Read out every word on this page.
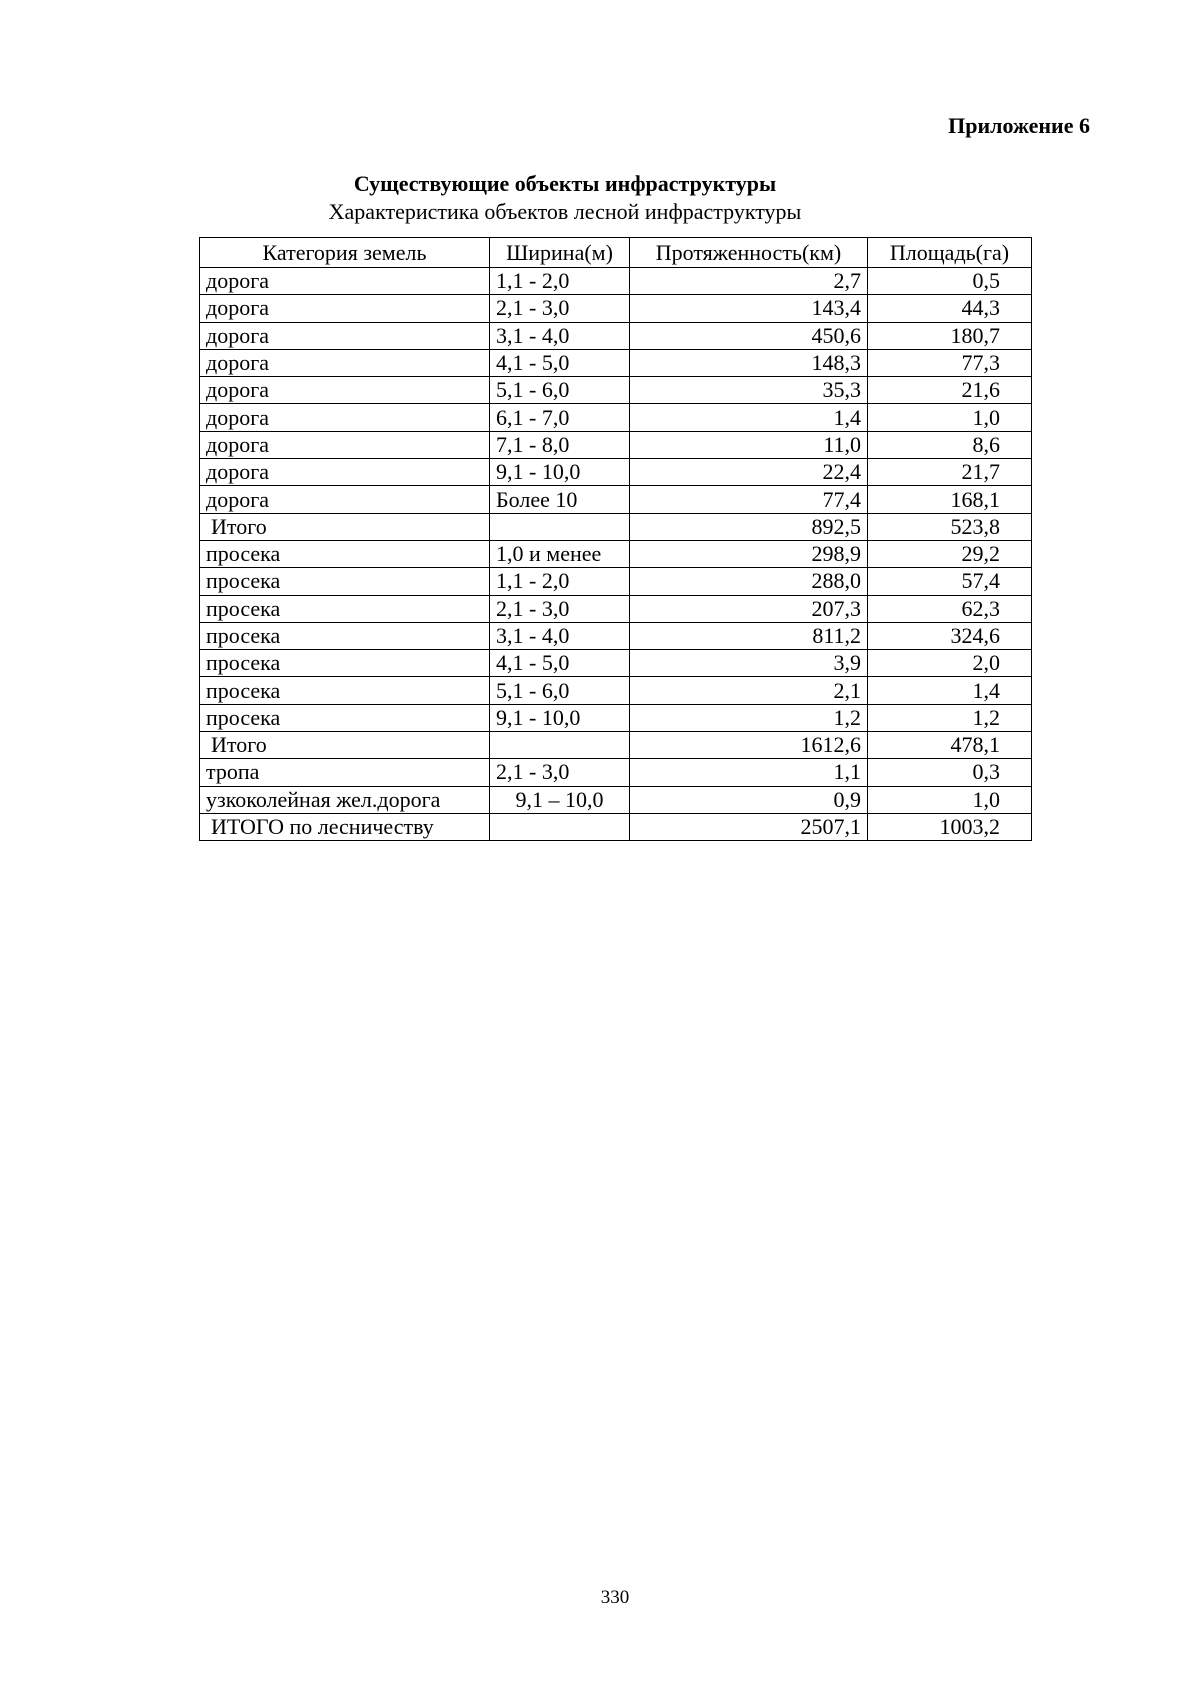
Приложение 6
Существующие объекты инфраструктуры
Характеристика объектов лесной инфраструктуры
Категория земель	Ширина(м)	Протяженность(км)	Площадь(га)
дорога	1,1 - 2,0	2,7	0,5
дорога	2,1 - 3,0	143,4	44,3
дорога	3,1 - 4,0	450,6	180,7
дорога	4,1 - 5,0	148,3	77,3
дорога	5,1 - 6,0	35,3	21,6
дорога	6,1 - 7,0	1,4	1,0
дорога	7,1 - 8,0	11,0	8,6
дорога	9,1 - 10,0	22,4	21,7
дорога	Более 10	77,4	168,1
Итого		892,5	523,8
просека	1,0 и менее	298,9	29,2
просека	1,1 - 2,0	288,0	57,4
просека	2,1 - 3,0	207,3	62,3
просека	3,1 - 4,0	811,2	324,6
просека	4,1 - 5,0	3,9	2,0
просека	5,1 - 6,0	2,1	1,4
просека	9,1 - 10,0	1,2	1,2
Итого		1612,6	478,1
тропа	2,1 - 3,0	1,1	0,3
узкоколейная жел.дорога	9,1 – 10,0	0,9	1,0
ИТОГО по лесничеству		2507,1	1003,2
330
